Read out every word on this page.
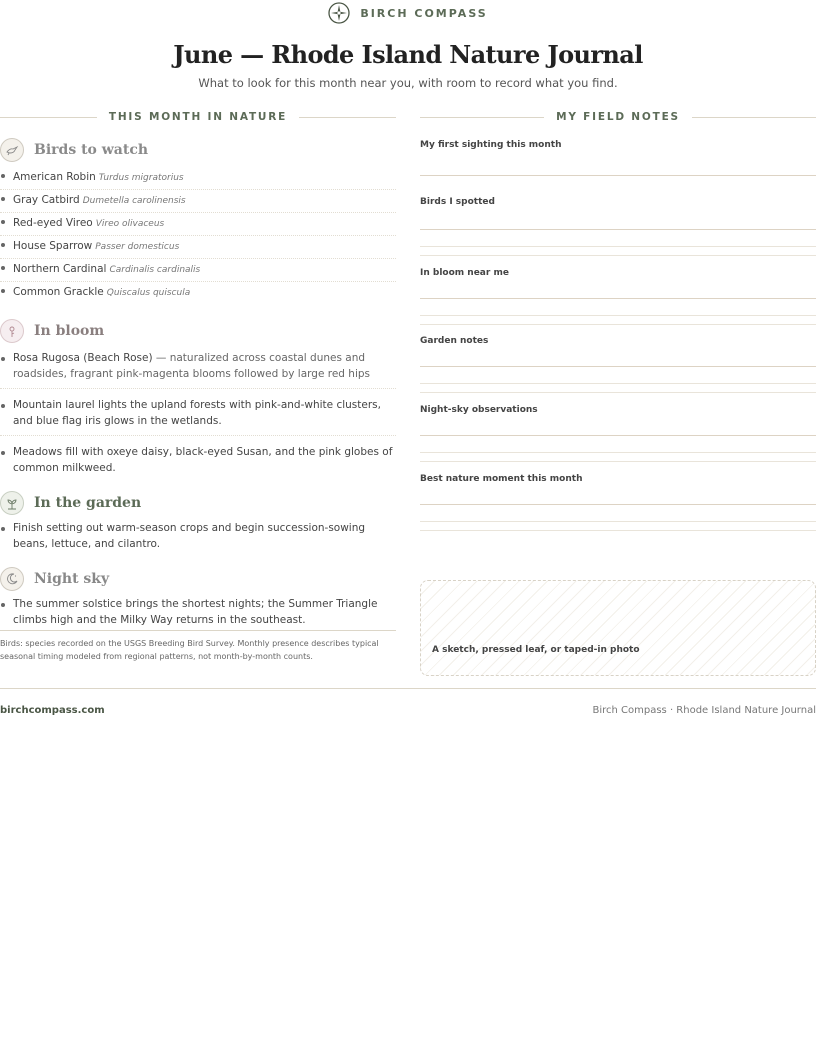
BIRCH COMPASS
June — Rhode Island Nature Journal

What to look for this month near you, with room to record what you find.

THIS MONTH IN NATURE
Birds to watch
American Robin Turdus migratorius
Gray Catbird Dumetella carolinensis
Red-eyed Vireo Vireo olivaceus
House Sparrow Passer domesticus
Northern Cardinal Cardinalis cardinalis
Common Grackle Quiscalus quiscula
In bloom
Rosa Rugosa (Beach Rose) — naturalized across coastal dunes and roadsides, fragrant pink-magenta blooms followed by large red hips
Mountain laurel lights the upland forests with pink-and-white clusters, and blue flag iris glows in the wetlands.
Meadows fill with oxeye daisy, black-eyed Susan, and the pink globes of common milkweed.
In the garden
Finish setting out warm-season crops and begin succession-sowing beans, lettuce, and cilantro.
Night sky
The summer solstice brings the shortest nights; the Summer Triangle climbs high and the Milky Way returns in the southeast.
Birds: species recorded on the USGS Breeding Bird Survey. Monthly presence describes typical seasonal timing modeled from regional patterns, not month-by-month counts.
MY FIELD NOTES
My first sighting this month
Birds I spotted
In bloom near me
Garden notes
Night-sky observations
Best nature moment this month
A sketch, pressed leaf, or taped-in photo
birchcompass.com	Birch Compass · Rhode Island Nature Journal
